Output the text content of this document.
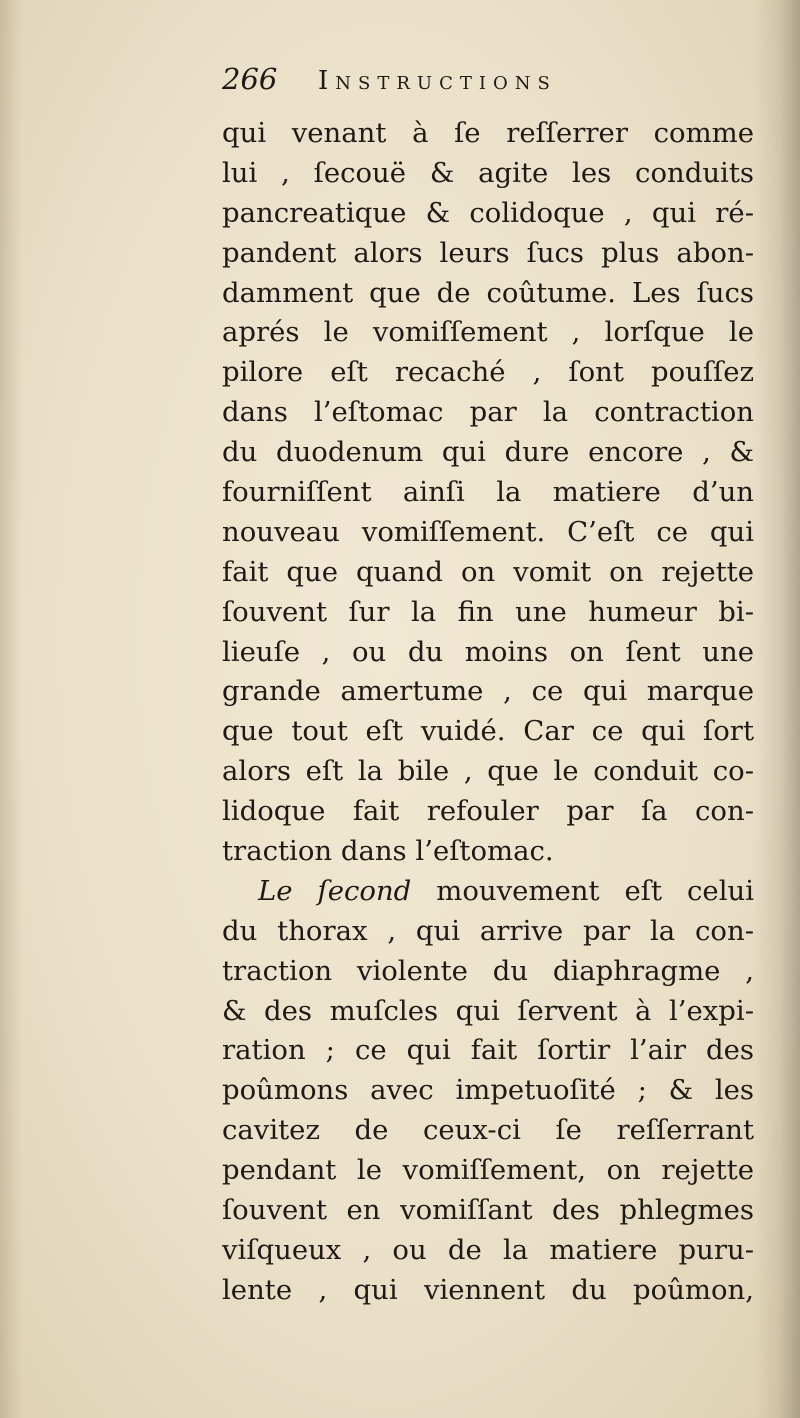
266	Instructions
qui venant à ſe reſſerrer comme
lui , ſecouë & agite les conduits
pancreatique & colidoque , qui ré-
pandent alors leurs ſucs plus abon-
damment que de coûtume. Les ſucs
aprés le vomiſſement , lorſque le
pilore eſt recaché , ſont pouſſez
dans l’eſtomac par la contraction
du duodenum qui dure encore , &
fourniſſent ainſi la matiere d’un
nouveau vomiſſement. C’eſt ce qui
fait que quand on vomit on rejette
ſouvent ſur la fin une humeur bi-
lieuſe , ou du moins on ſent une
grande amertume , ce qui marque
que tout eſt vuidé. Car ce qui ſort
alors eſt la bile , que le conduit co-
lidoque fait refouler par ſa con-
traction dans l’eſtomac.
Le ſecond mouvement eſt celui
du thorax , qui arrive par la con-
traction violente du diaphragme ,
& des muſcles qui ſervent à l’expi-
ration ; ce qui fait ſortir l’air des
poûmons avec impetuoſité ; & les
cavitez de ceux-ci ſe reſſerrant
pendant le vomiſſement, on rejette
ſouvent en vomiſſant des phlegmes
viſqueux , ou de la matiere puru-
lente , qui viennent du poûmon,
